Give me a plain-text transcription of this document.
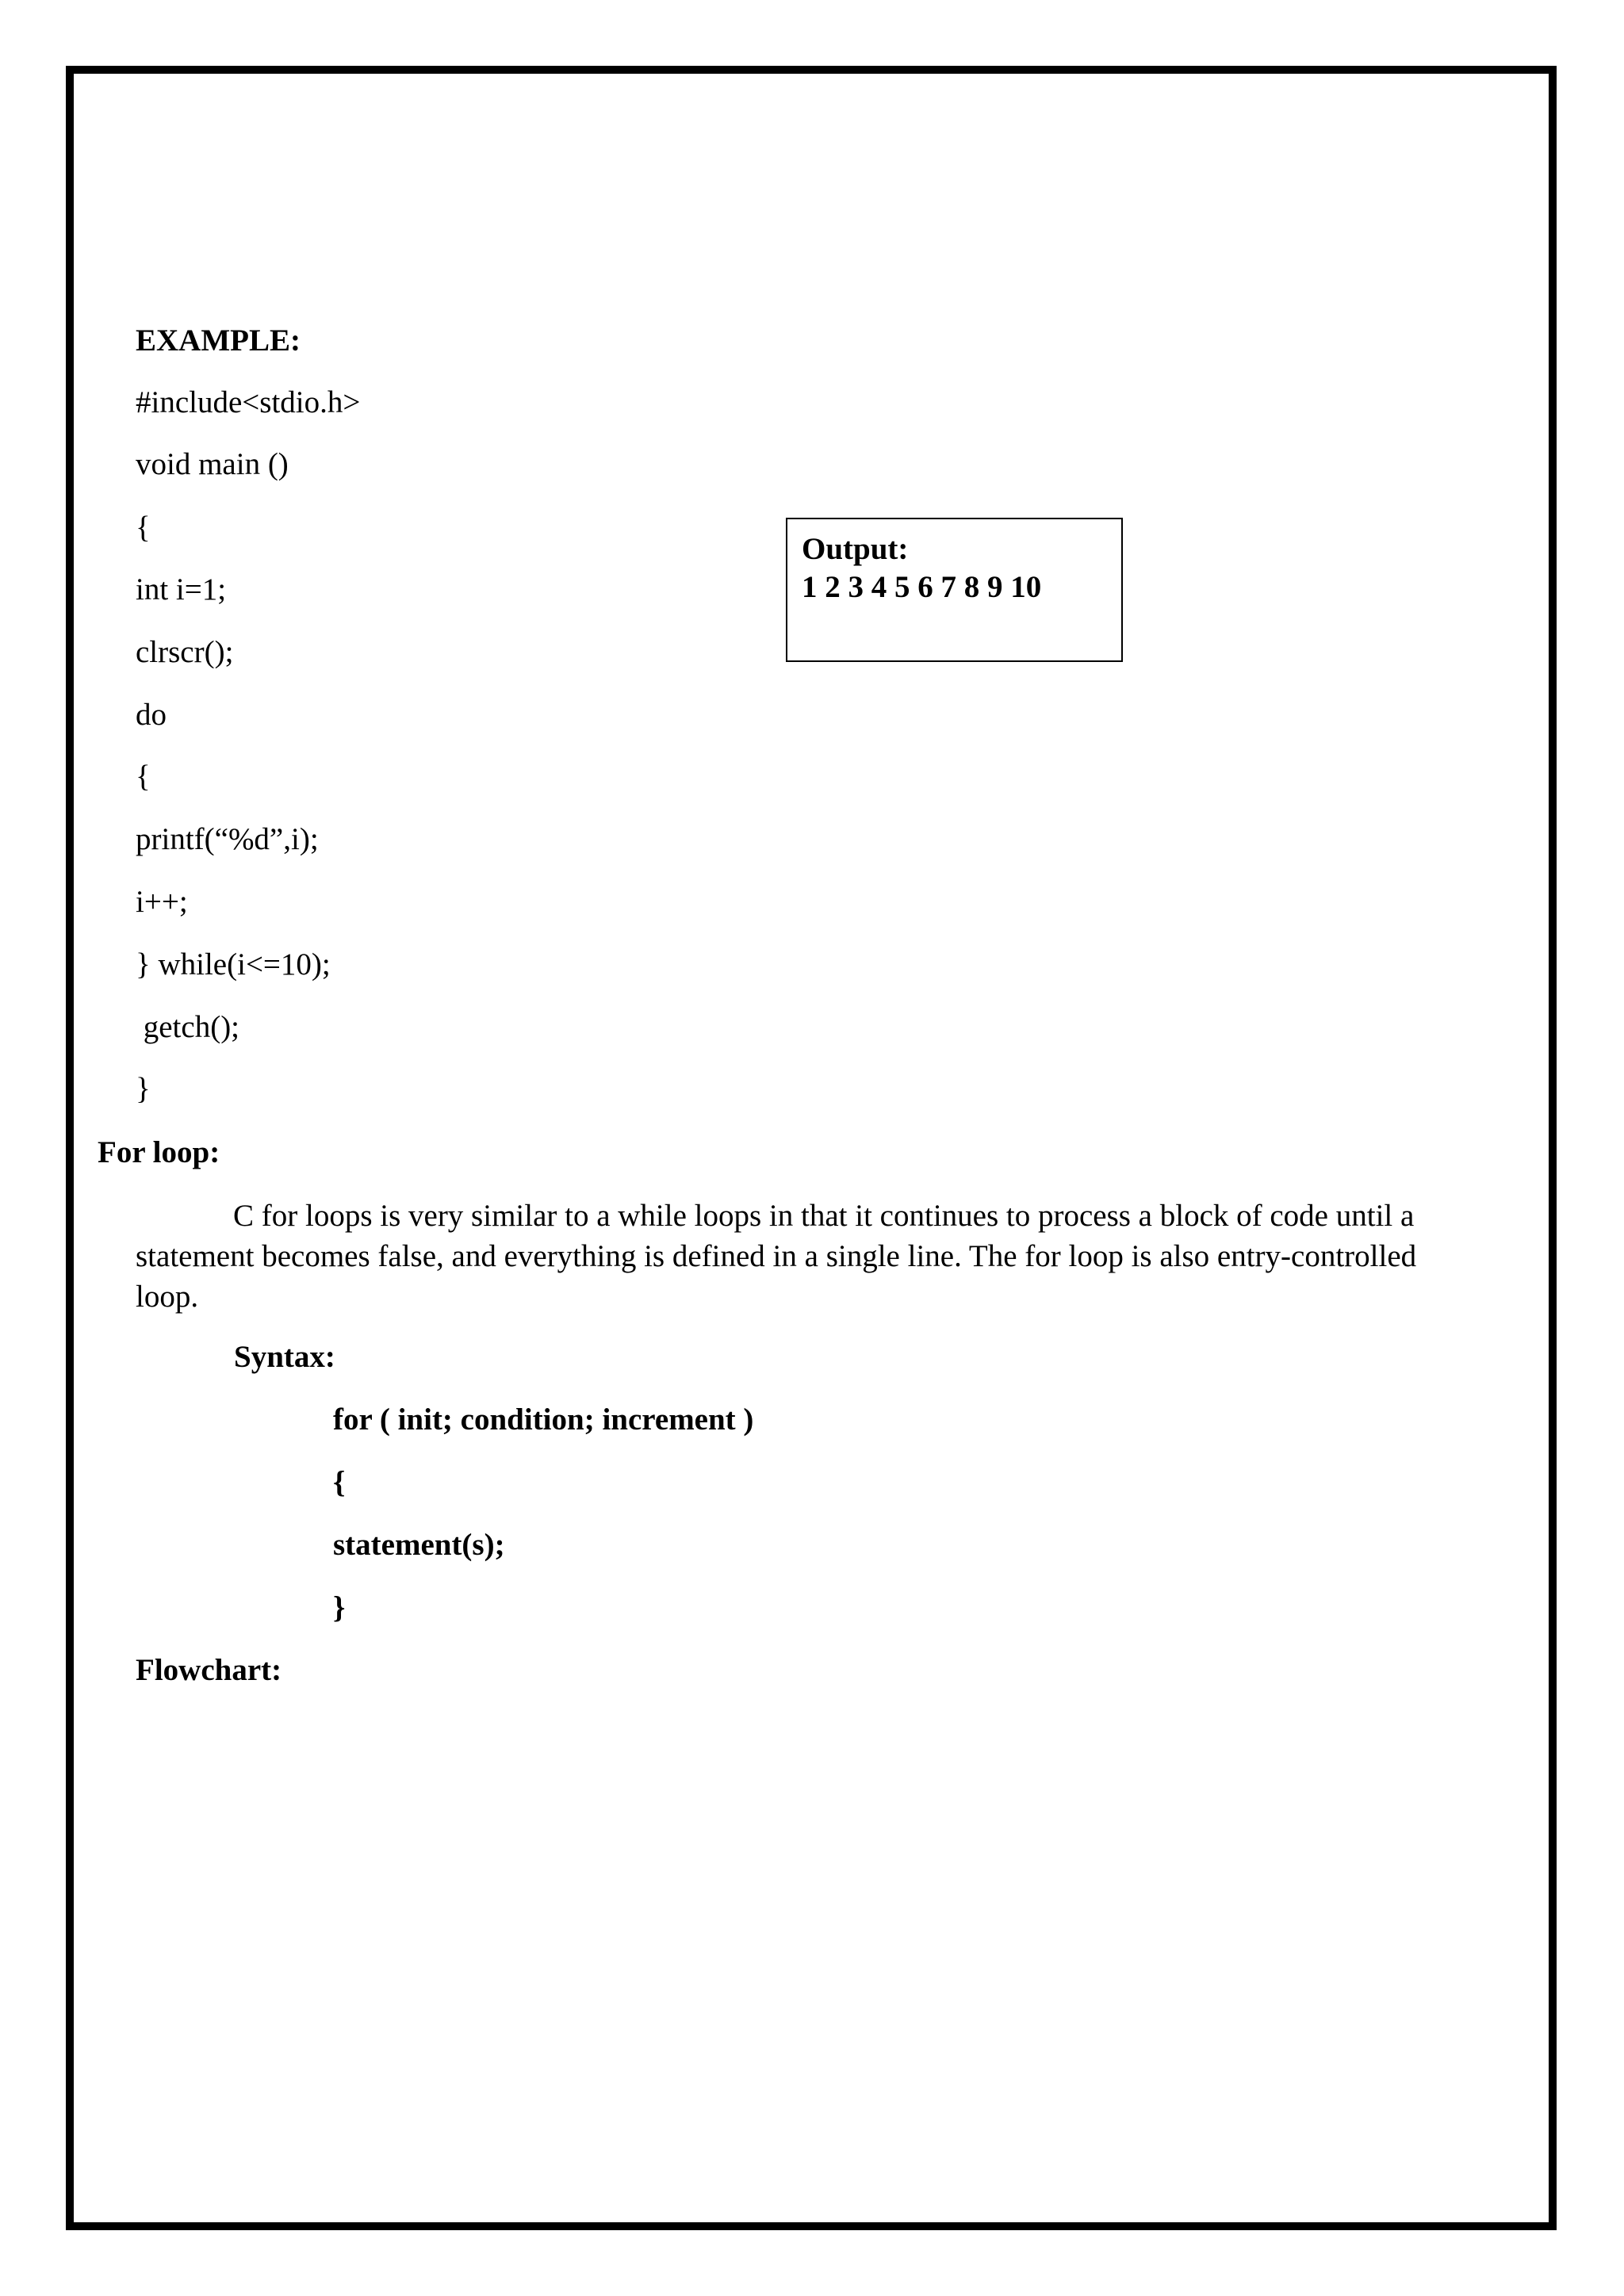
EXAMPLE:
#include<stdio.h>
void main ()
{
int i=1;
clrscr();
do
{
printf(“%d”,i);
i++;
} while(i<=10);
getch();
}
Output:
1 2 3 4 5 6 7 8 9 10
For loop:
C for loops is very similar to a while loops in that it continues to process a block of code until a
statement becomes false, and everything is defined in a single line. The for loop is also entry-controlled
loop.
Syntax:
for ( init; condition; increment )
{
statement(s);
}
Flowchart:
